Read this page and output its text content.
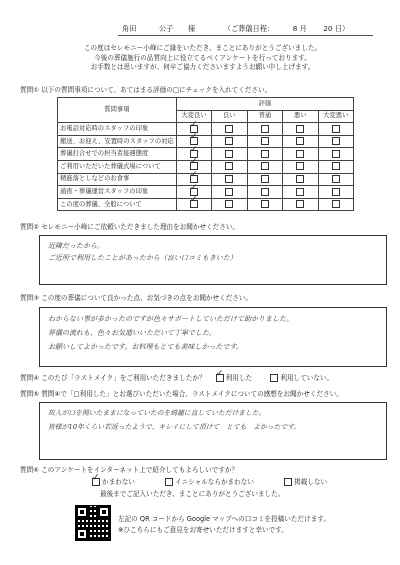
角田	公子 様	（ご葬儀日程：	8 月 20 日）
この度はセレモニー小峰にご縁をいただき、まことにありがとうございました。
今後の葬儀施行の品質向上に役立てるべくアンケートを行っております。
お手数とは思いますが、何卒ご協力くださいますようお願い申し上げます。
質問① 以下の質問事項について、あてはまる評価の□にチェックを入れてください。
質問事項	評価				
	大変良い	良い	普通	悪い	大変悪い
お電話対応時のスタッフの印象	✓				

搬送、お迎え、安置時のスタッフの対応	✓				

葬儀打合せでの担当者接遇態度	✓				

ご利用いただいた葬儀式場について	✓				

精進落としなどのお食事	✓				

通夜・葬儀運営スタッフの印象	✓				

この度の葬儀、全般について	✓				

質問② セレモニー小峰にご依頼いただきました理由をお聞かせください。
近隣だったから。
ご近所で利用したことがあったから（良い口コミもきいた）
質問③ この度の葬儀について良かった点、お気づきの点をお聞かせください。
わからない事が多かったのですが色々サポートしていただけて助かりました。
葬儀の流れも、色々お気遣いいただいて丁寧でした。
お願いしてよかったです。お料理もとても美味しかったです。
質問④ このたび「ラストメイク」をご利用いただきましたか？ ✓ 利用した	利用していない。
質問⑤ 質問④で「□利用した」とお選びいただいた場合、ラストメイクについての感想をお聞かせください。
故人が口を開いたままになっていたのを綺麗に直していただけました。
皆様が10年くらい若返ったようで、キレイにして頂けて　とても　よかったです。
質問⑥ このアンケートをインターネット上で紹介してもよろしいですか？
✓ かまわない	イニシャルならかまわない	掲載しない
最後までご記入いただき、まことにありがとうございました。
左記の QR コードから Google マップへの口コミを投稿いただけます。
※ひこちらにもご意見をお寄せいただけますと幸いです。
